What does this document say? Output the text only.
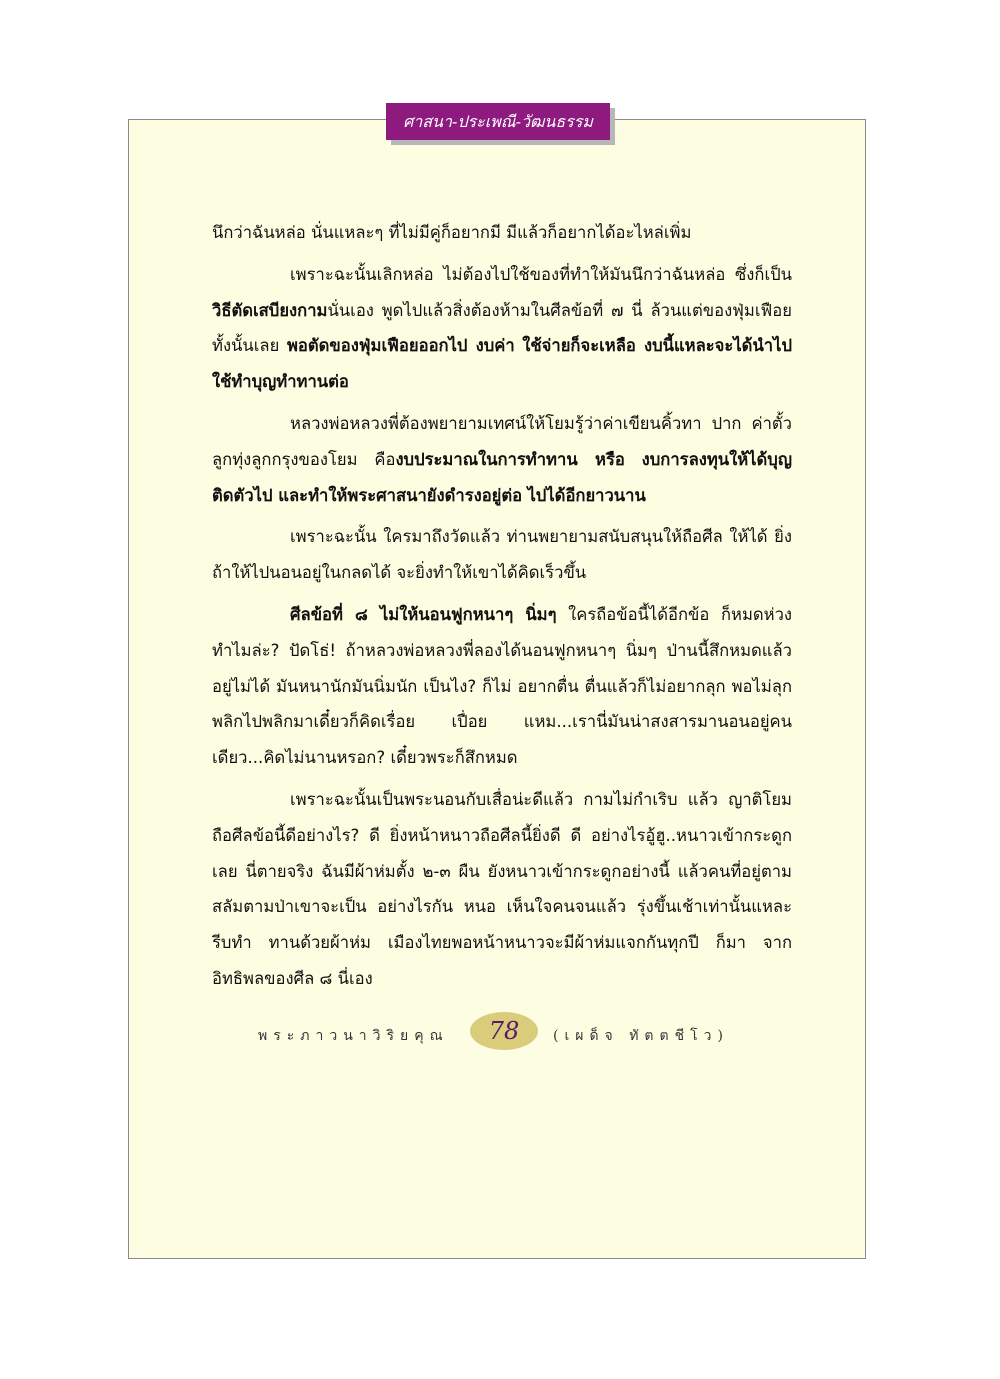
ศาสนา-ประเพณี-วัฒนธรรม

นึกว่าฉันหล่อ นั่นแหละๆ ที่ไม่มีคู่ก็อยากมี มีแล้วก็อยากได้อะไหล่เพิ่ม

เพราะฉะนั้นเลิกหล่อ ไม่ต้องไปใช้ของที่ทำให้มันนึกว่าฉันหล่อ ซึ่งก็เป็นวิธีตัดเสบียงกามนั่นเอง พูดไปแล้วสิ่งต้องห้ามในศีลข้อที่ ๗ นี่ ล้วนแต่ของฟุ่มเฟือยทั้งนั้นเลย พอตัดของฟุ่มเฟือยออกไป งบค่า ใช้จ่ายก็จะเหลือ งบนี้แหละจะได้นำไปใช้ทำบุญทำทานต่อ

หลวงพ่อหลวงพี่ต้องพยายามเทศน์ให้โยมรู้ว่าค่าเขียนคิ้วทา ปาก ค่าตั้วลูกทุ่งลูกกรุงของโยม คืองบประมาณในการทำทาน หรือ งบการลงทุนให้ได้บุญติดตัวไป และทำให้พระศาสนายังดำรงอยู่ต่อ ไปได้อีกยาวนาน

เพราะฉะนั้น ใครมาถึงวัดแล้ว ท่านพยายามสนับสนุนให้ถือศีล ให้ได้ ยิ่งถ้าให้ไปนอนอยู่ในกลดได้ จะยิ่งทำให้เขาได้คิดเร็วขึ้น

ศีลข้อที่ ๘ ไม่ให้นอนฟูกหนาๆ นิ่มๆ ใครถือข้อนี้ได้อีกข้อ ก็หมดห่วง ทำไมล่ะ? ปัดโธ่! ถ้าหลวงพ่อหลวงพี่ลองได้นอนฟูกหนาๆ นิ่มๆ ป่านนี้สึกหมดแล้ว อยู่ไม่ได้ มันหนานักมันนิ่มนัก เป็นไง? ก็ไม่ อยากตื่น ตื่นแล้วก็ไม่อยากลุก พอไม่ลุก พลิกไปพลิกมาเดี๋ยวก็คิดเรื่อย เปื่อย แหม...เรานี่มันน่าสงสารมานอนอยู่คนเดียว...คิดไม่นานหรอก? เดี๋ยวพระก็สึกหมด

เพราะฉะนั้นเป็นพระนอนกับเสื่อน่ะดีแล้ว กามไม่กำเริบ แล้ว ญาติโยมถือศีลข้อนี้ดีอย่างไร? ดี ยิ่งหน้าหนาวถือศีลนี้ยิ่งดี ดี อย่างไรอู้ฮู..หนาวเข้ากระดูกเลย นี่ตายจริง ฉันมีผ้าห่มตั้ง ๒-๓ ผืน ยังหนาวเข้ากระดูกอย่างนี้ แล้วคนที่อยู่ตามสลัมตามป่าเขาจะเป็น อย่างไรกัน หนอ เห็นใจคนจนแล้ว รุ่งขึ้นเช้าเท่านั้นแหละ รีบทำ ทานด้วยผ้าห่ม เมืองไทยพอหน้าหนาวจะมีผ้าห่มแจกกันทุกปี ก็มา จากอิทธิพลของศีล ๘ นี่เอง

พระภาวนาวิริยคุณ	78	(เผด็จ ทัตตชีโว)
